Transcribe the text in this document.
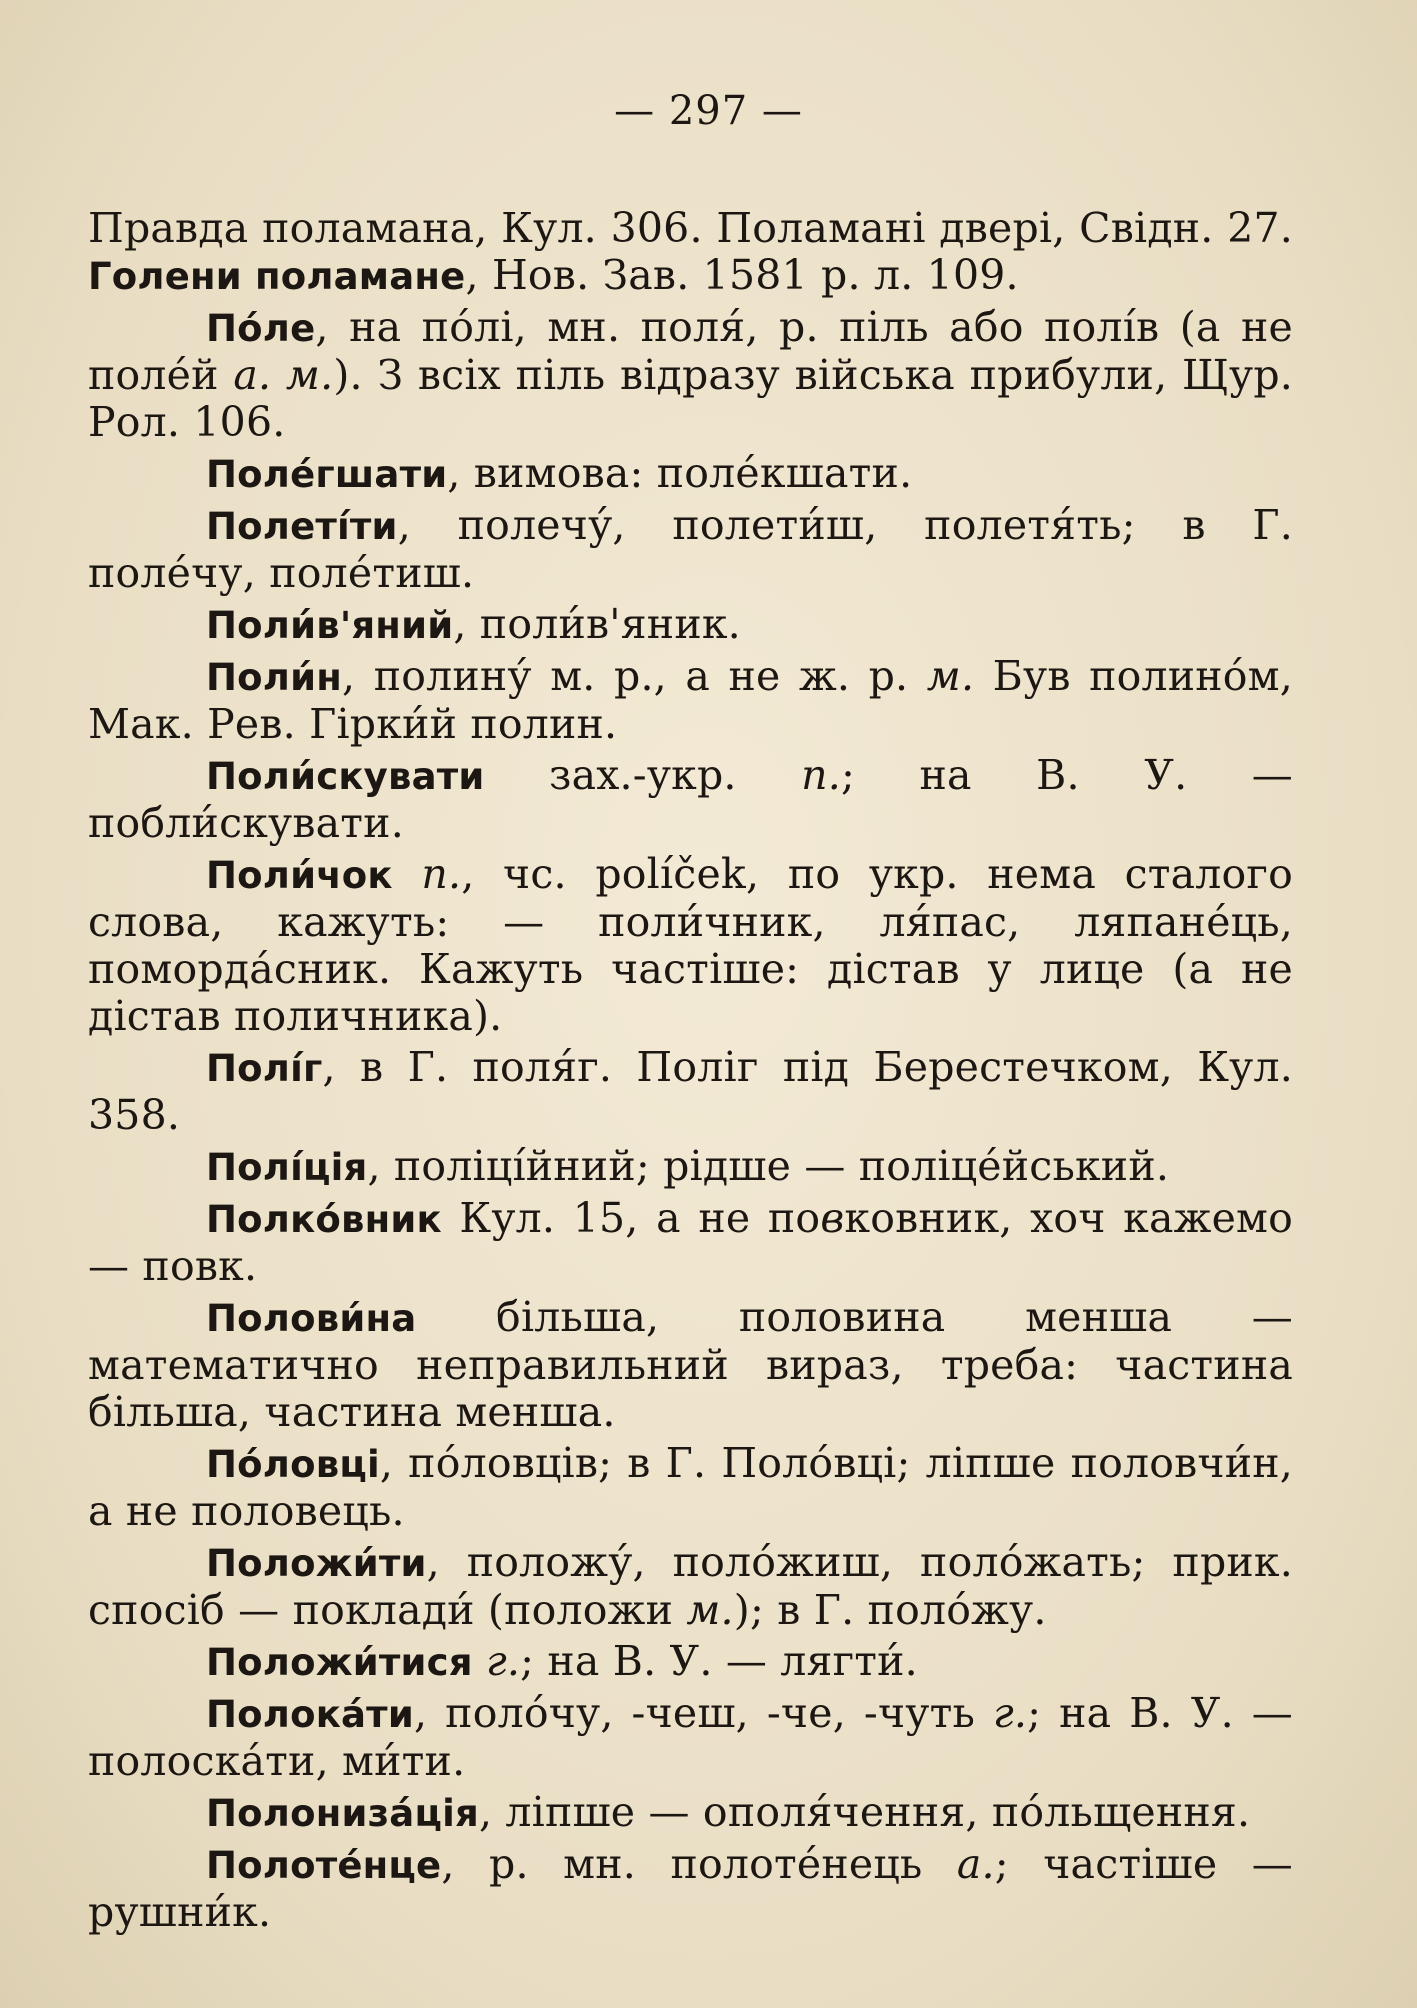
— 297 —

Правда поламана, Кул. 306. Поламані двері, Свідн. 27. Голени поламане, Нов. Зав. 1581 р. л. 109.

По́ле, на по́лі, мн. поля́, р. піль або полі́в (а не поле́й а. м.). З всіх піль відразу війська прибули, Щур. Рол. 106.

Поле́гшати, вимова: поле́кшати.

Полеті́ти, полечу́, полети́ш, полетя́ть; в Г. поле́чу, поле́тиш.

Поли́в'яний, поли́в'яник.

Поли́н, полину́ м. р., а не ж. р. м. Був полино́м, Мак. Рев. Гірки́й полин.

Поли́скувати зах.-укр. п.; на В. У. — побли́скувати.

Поли́чок п., чс. políček, по укр. нема сталого слова, кажуть: — поли́чник, ля́пас, ляпане́ць, поморда́сник. Кажуть частіше: дістав у лице (а не дістав поличника).

Полі́г, в Г. поля́г. Поліг під Берестечком, Кул. 358.

Полі́ція, поліці́йний; рідше — поліце́йський.

Полко́вник Кул. 15, а не повковник, хоч кажемо — повк.

Полови́на більша, половина менша — математично неправильний вираз, треба: частина більша, частина менша.

По́ловці, по́ловців; в Г. Поло́вці; ліпше половчи́н, а не половець.

Положи́ти, положу́, поло́жиш, поло́жать; прик. спосіб — поклади́ (положи м.); в Г. поло́жу.

Положи́тися г.; на В. У. — лягти́.

Полока́ти, поло́чу, -чеш, -че, -чуть г.; на В. У. — полоска́ти, ми́ти.

Полониза́ція, ліпше — ополя́чення, по́льщення.

Полоте́нце, р. мн. полоте́нець а.; частіше — рушни́к.
